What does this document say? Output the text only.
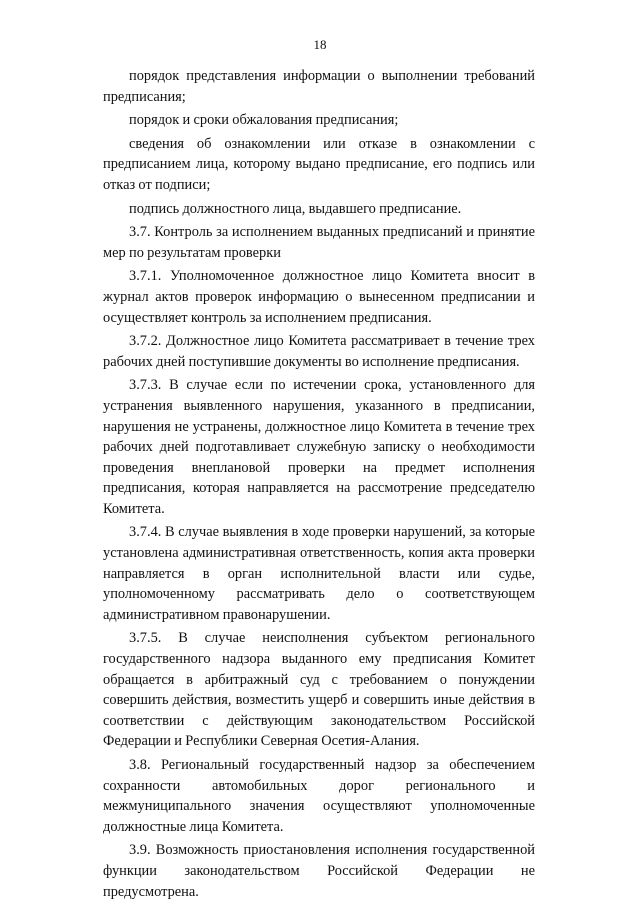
18

порядок представления информации о выполнении требований предписания;

порядок и сроки обжалования предписания;

сведения об ознакомлении или отказе в ознакомлении с предписанием лица, которому выдано предписание, его подпись или отказ от подписи;

подпись должностного лица, выдавшего предписание.

3.7. Контроль за исполнением выданных предписаний и принятие мер по результатам проверки

3.7.1. Уполномоченное должностное лицо Комитета вносит в журнал актов проверок информацию о вынесенном предписании и осуществляет контроль за исполнением предписания.

3.7.2. Должностное лицо Комитета рассматривает в течение трех рабочих дней поступившие документы во исполнение предписания.

3.7.3. В случае если по истечении срока, установленного для устранения выявленного нарушения, указанного в предписании, нарушения не устранены, должностное лицо Комитета в течение трех рабочих дней подготавливает служебную записку о необходимости проведения внеплановой проверки на предмет исполнения предписания, которая направляется на рассмотрение председателю Комитета.

3.7.4. В случае выявления в ходе проверки нарушений, за которые установлена административная ответственность, копия акта проверки направляется в орган исполнительной власти или судье, уполномоченному рассматривать дело о соответствующем административном правонарушении.

3.7.5. В случае неисполнения субъектом регионального государственного надзора выданного ему предписания Комитет обращается в арбитражный суд с требованием о понуждении совершить действия, возместить ущерб и совершить иные действия в соответствии с действующим законодательством Российской Федерации и Республики Северная Осетия-Алания.

3.8. Региональный государственный надзор за обеспечением сохранности автомобильных дорог регионального и межмуниципального значения осуществляют уполномоченные должностные лица Комитета.

3.9. Возможность приостановления исполнения государственной функции законодательством Российской Федерации не предусмотрена.
